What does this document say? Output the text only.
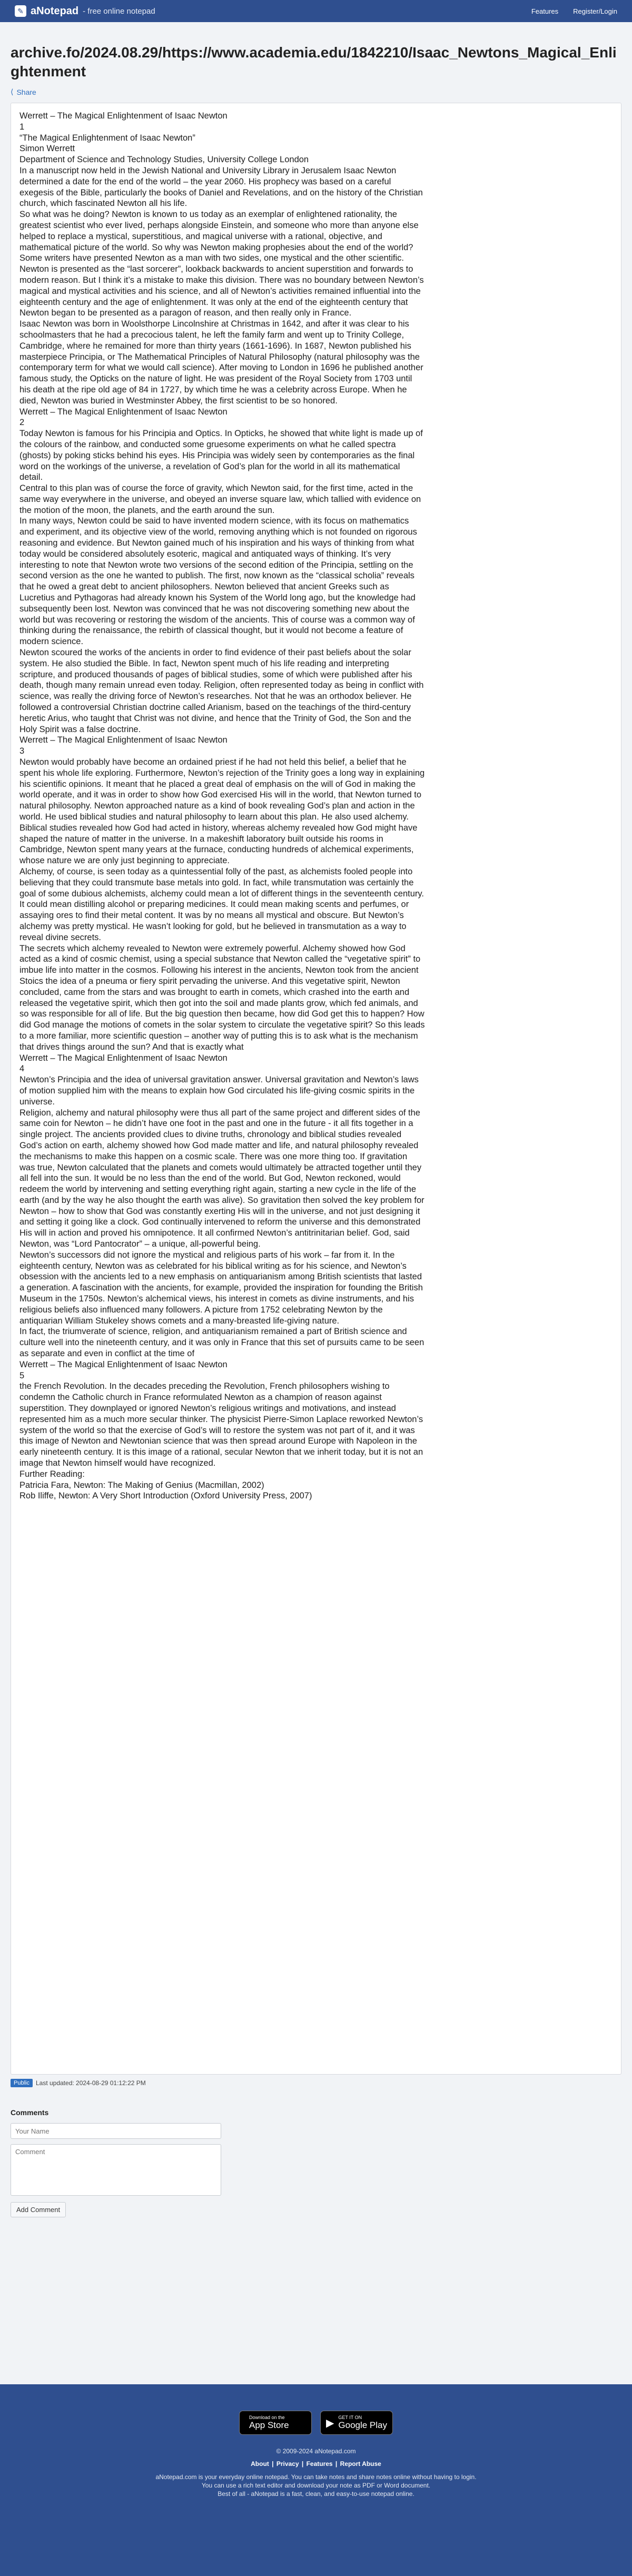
✎ aNotepad - free online notepad	Features Register/Login
archive.fo/2024.08.29/https://www.academia.edu/1842210/Isaac_Newtons_Magical_Enlightenment
⟨ Share

Werrett – The Magical Enlightenment of Isaac Newton

1

“The Magical Enlightenment of Isaac Newton”

Simon Werrett

Department of Science and Technology Studies, University College London

In a manuscript now held in the Jewish National and University Library in Jerusalem Isaac Newton determined a date for the end of the world – the year 2060. His prophecy was based on a careful exegesis of the Bible, particularly the books of Daniel and Revelations, and on the history of the Christian church, which fascinated Newton all his life.

So what was he doing? Newton is known to us today as an exemplar of enlightened rationality, the greatest scientist who ever lived, perhaps alongside Einstein, and someone who more than anyone else helped to replace a mystical, superstitious, and magical universe with a rational, objective, and mathematical picture of the world. So why was Newton making prophesies about the end of the world? Some writers have presented Newton as a man with two sides, one mystical and the other scientific. Newton is presented as the “last sorcerer”, lookback backwards to ancient superstition and forwards to modern reason. But I think it’s a mistake to make this division. There was no boundary between Newton’s magical and mystical activities and his science, and all of Newton’s activities remained influential into the eighteenth century and the age of enlightenment. It was only at the end of the eighteenth century that Newton began to be presented as a paragon of reason, and then really only in France.

Isaac Newton was born in Woolsthorpe Lincolnshire at Christmas in 1642, and after it was clear to his schoolmasters that he had a precocious talent, he left the family farm and went up to Trinity College, Cambridge, where he remained for more than thirty years (1661-1696). In 1687, Newton published his masterpiece Principia, or The Mathematical Principles of Natural Philosophy (natural philosophy was the contemporary term for what we would call science). After moving to London in 1696 he published another famous study, the Opticks on the nature of light. He was president of the Royal Society from 1703 until his death at the ripe old age of 84 in 1727, by which time he was a celebrity across Europe. When he died, Newton was buried in Westminster Abbey, the first scientist to be so honored.

Werrett – The Magical Enlightenment of Isaac Newton

2

Today Newton is famous for his Principia and Optics. In Opticks, he showed that white light is made up of the colours of the rainbow, and conducted some gruesome experiments on what he called spectra (ghosts) by poking sticks behind his eyes. His Principia was widely seen by contemporaries as the final word on the workings of the universe, a revelation of God’s plan for the world in all its mathematical detail.

Central to this plan was of course the force of gravity, which Newton said, for the first time, acted in the same way everywhere in the universe, and obeyed an inverse square law, which tallied with evidence on the motion of the moon, the planets, and the earth around the sun.

In many ways, Newton could be said to have invented modern science, with its focus on mathematics and experiment, and its objective view of the world, removing anything which is not founded on rigorous reasoning and evidence. But Newton gained much of his inspiration and his ways of thinking from what today would be considered absolutely esoteric, magical and antiquated ways of thinking. It’s very interesting to note that Newton wrote two versions of the second edition of the Principia, settling on the second version as the one he wanted to publish. The first, now known as the “classical scholia” reveals that he owed a great debt to ancient philosophers. Newton believed that ancient Greeks such as Lucretius and Pythagoras had already known his System of the World long ago, but the knowledge had subsequently been lost. Newton was convinced that he was not discovering something new about the world but was recovering or restoring the wisdom of the ancients. This of course was a common way of thinking during the renaissance, the rebirth of classical thought, but it would not become a feature of modern science.

Newton scoured the works of the ancients in order to find evidence of their past beliefs about the solar system. He also studied the Bible. In fact, Newton spent much of his life reading and interpreting scripture, and produced thousands of pages of biblical studies, some of which were published after his death, though many remain unread even today. Religion, often represented today as being in conflict with science, was really the driving force of Newton’s researches. Not that he was an orthodox believer. He followed a controversial Christian doctrine called Arianism, based on the teachings of the third-century heretic Arius, who taught that Christ was not divine, and hence that the Trinity of God, the Son and the Holy Spirit was a false doctrine.

Werrett – The Magical Enlightenment of Isaac Newton

3

Newton would probably have become an ordained priest if he had not held this belief, a belief that he spent his whole life exploring. Furthermore, Newton’s rejection of the Trinity goes a long way in explaining his scientific opinions. It meant that he placed a great deal of emphasis on the will of God in making the world operate, and it was in order to show how God exercised His will in the world, that Newton turned to natural philosophy. Newton approached nature as a kind of book revealing God’s plan and action in the world. He used biblical studies and natural philosophy to learn about this plan. He also used alchemy. Biblical studies revealed how God had acted in history, whereas alchemy revealed how God might have shaped the nature of matter in the universe. In a makeshift laboratory built outside his rooms in Cambridge, Newton spent many years at the furnace, conducting hundreds of alchemical experiments, whose nature we are only just beginning to appreciate.

Alchemy, of course, is seen today as a quintessential folly of the past, as alchemists fooled people into believing that they could transmute base metals into gold. In fact, while transmutation was certainly the goal of some dubious alchemists, alchemy could mean a lot of different things in the seventeenth century. It could mean distilling alcohol or preparing medicines. It could mean making scents and perfumes, or assaying ores to find their metal content. It was by no means all mystical and obscure. But Newton’s alchemy was pretty mystical. He wasn’t looking for gold, but he believed in transmutation as a way to reveal divine secrets.

The secrets which alchemy revealed to Newton were extremely powerful. Alchemy showed how God acted as a kind of cosmic chemist, using a special substance that Newton called the “vegetative spirit” to imbue life into matter in the cosmos. Following his interest in the ancients, Newton took from the ancient Stoics the idea of a pneuma or fiery spirit pervading the universe. And this vegetative spirit, Newton concluded, came from the stars and was brought to earth in comets, which crashed into the earth and released the vegetative spirit, which then got into the soil and made plants grow, which fed animals, and so was responsible for all of life. But the big question then became, how did God get this to happen? How did God manage the motions of comets in the solar system to circulate the vegetative spirit? So this leads to a more familiar, more scientific question – another way of putting this is to ask what is the mechanism that drives things around the sun? And that is exactly what

Werrett – The Magical Enlightenment of Isaac Newton

4

Newton’s Principia and the idea of universal gravitation answer. Universal gravitation and Newton’s laws of motion supplied him with the means to explain how God circulated his life-giving cosmic spirits in the universe.

Religion, alchemy and natural philosophy were thus all part of the same project and different sides of the same coin for Newton – he didn’t have one foot in the past and one in the future - it all fits together in a single project. The ancients provided clues to divine truths, chronology and biblical studies revealed God’s action on earth, alchemy showed how God made matter and life, and natural philosophy revealed the mechanisms to make this happen on a cosmic scale. There was one more thing too. If gravitation was true, Newton calculated that the planets and comets would ultimately be attracted together until they all fell into the sun. It would be no less than the end of the world. But God, Newton reckoned, would redeem the world by intervening and setting everything right again, starting a new cycle in the life of the earth (and by the way he also thought the earth was alive). So gravitation then solved the key problem for Newton – how to show that God was constantly exerting His will in the universe, and not just designing it and setting it going like a clock. God continually intervened to reform the universe and this demonstrated His will in action and proved his omnipotence. It all confirmed Newton’s antitrinitarian belief. God, said Newton, was “Lord Pantocrator” – a unique, all-powerful being.

Newton’s successors did not ignore the mystical and religious parts of his work – far from it. In the eighteenth century, Newton was as celebrated for his biblical writing as for his science, and Newton’s obsession with the ancients led to a new emphasis on antiquarianism among British scientists that lasted a generation. A fascination with the ancients, for example, provided the inspiration for founding the British Museum in the 1750s. Newton’s alchemical views, his interest in comets as divine instruments, and his religious beliefs also influenced many followers. A picture from 1752 celebrating Newton by the antiquarian William Stukeley shows comets and a many-breasted life-giving nature.

In fact, the triumverate of science, religion, and antiquarianism remained a part of British science and culture well into the nineteenth century, and it was only in France that this set of pursuits came to be seen as separate and even in conflict at the time of

Werrett – The Magical Enlightenment of Isaac Newton

5

the French Revolution. In the decades preceding the Revolution, French philosophers wishing to condemn the Catholic church in France reformulated Newton as a champion of reason against superstition. They downplayed or ignored Newton’s religious writings and motivations, and instead represented him as a much more secular thinker. The physicist Pierre-Simon Laplace reworked Newton’s system of the world so that the exercise of God’s will to restore the system was not part of it, and it was this image of Newton and Newtonian science that was then spread around Europe with Napoleon in the early nineteenth century. It is this image of a rational, secular Newton that we inherit today, but it is not an image that Newton himself would have recognized.

Further Reading:

Patricia Fara, Newton: The Making of Genius (Macmillan, 2002)

Rob Iliffe, Newton: A Very Short Introduction (Oxford University Press, 2007)

Public	Last updated: 2024-08-29 01:12:22 PM
Comments
Your Name
Comment Add Comment
Download on the
App Store	▶ GET IT ON
Google Play
© 2009-2024 aNotepad.com
About | Privacy | Features | Report Abuse
aNotepad.com is your everyday online notepad. You can take notes and share notes online without having to login.
You can use a rich text editor and download your note as PDF or Word document.
Best of all - aNotepad is a fast, clean, and easy-to-use notepad online.
